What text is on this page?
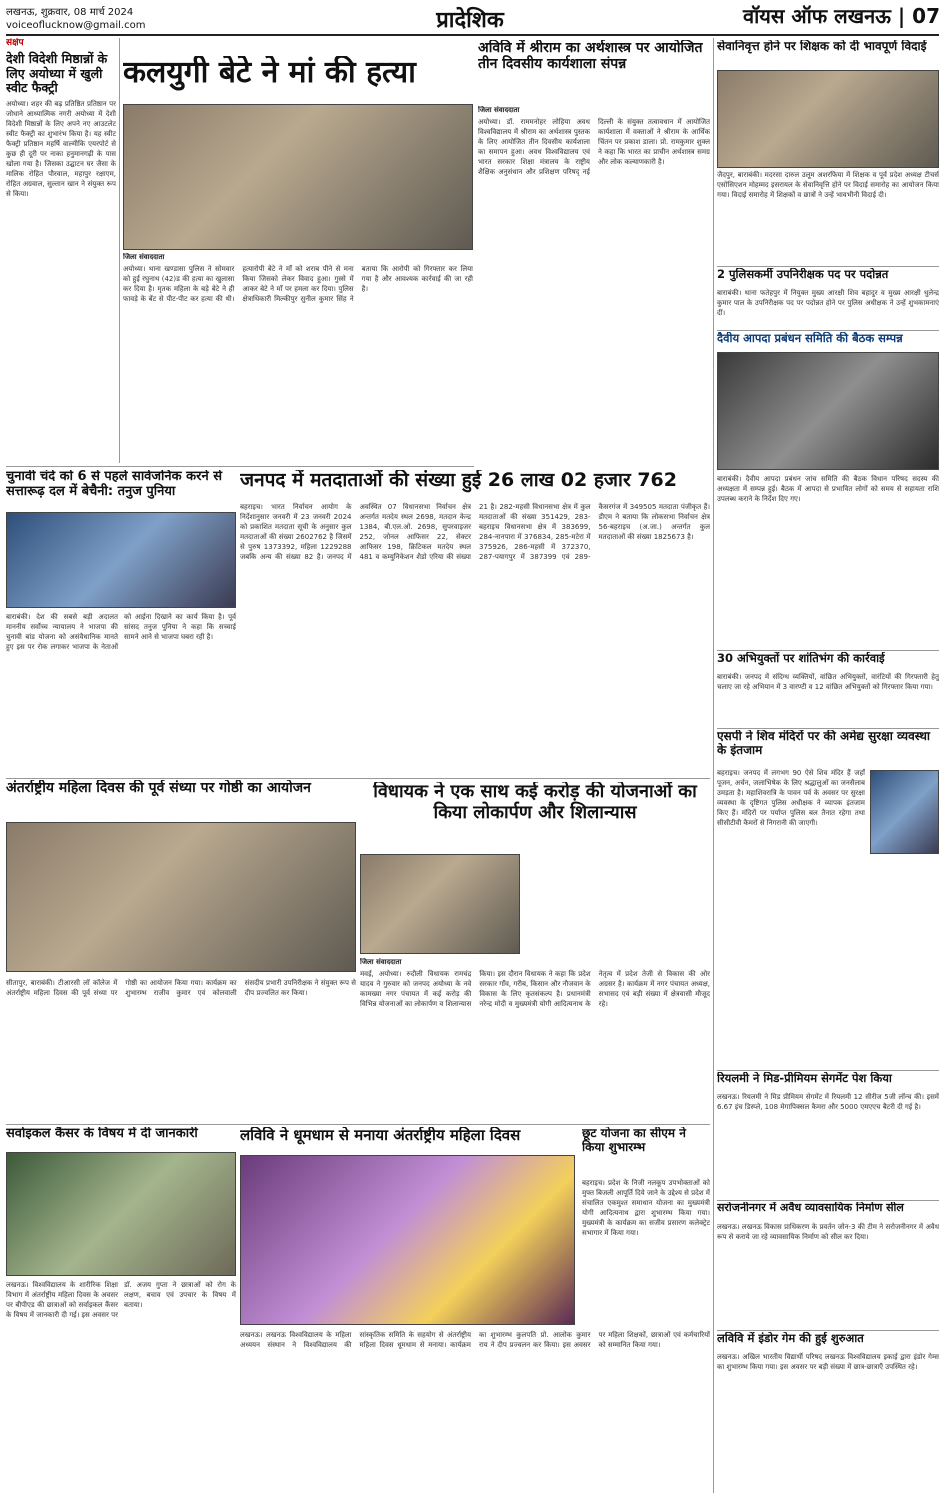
लखनऊ, शुक्रवार, 08 मार्च 2024
voiceoflucknow@gmail.com	प्रादेशिक	वॉयस ऑफ लखनऊ | 07
संक्षेप
देशी विदेशी मिष्ठान्नों के लिए अयोध्या में खुली स्वीट फैक्ट्री
अयोध्या। शहर की बढ़ प्रतिष्ठित प्रतिष्ठान पर जोधाने आध्यात्मिक नगरी अयोध्या में देशी विदेशी मिष्ठान्नों के लिए अपने नए आउटलेट स्वीट फैक्ट्री का शुभारंभ किया है। यह स्वीट फैक्ट्री प्रतिष्ठान महर्षि वाल्मीकि एयरपोर्ट से कुछ ही दूरी पर नाका हनुमानगढ़ी के पास खोला गया है। जिसका उद्घाटन घर जैसा के मालिक रोहित पौरवाल, महापुर रक्षाएम, रोहित अग्रवाल, सुल्तान खान ने संयुक्त रूप से किया।
कलयुगी बेटे ने मां की हत्या
जिला संवाददाता
अयोध्या। थाना खण्डासा पुलिस ने सोमवार को हुई रघुनाथ (42)ड की हत्या का खुलासा कर दिया है। मृतक महिला के बड़े बेटे ने ही फावड़े के बेंट से पीट-पीट कर हत्या की थी। हत्यारोपी बेटे ने माँ को शराब पीने से मना किया जिसको लेकर विवाद हुआ। गुस्से में आकर बेटे ने माँ पर हमला कर दिया। पुलिस क्षेत्राधिकारी मिल्कीपुर सुनील कुमार सिंह ने बताया कि आरोपी को गिरफ्तार कर लिया गया है और आवश्यक कार्रवाई की जा रही है।
अविवि में श्रीराम का अर्थशास्त्र पर आयोजित तीन दिवसीय कार्यशाला संपन्न
जिला संवाददाता
अयोध्या। डॉ. राममनोहर लोहिया अवध विश्वविद्यालय में श्रीराम का अर्थशास्त्र पुस्तक के लिए आयोजित तीन दिवसीय कार्यशाला का समापन हुआ। अवध विश्वविद्यालय एवं भारत सरकार शिक्षा मंत्रालय के राष्ट्रीय शैक्षिक अनुसंधान और प्रशिक्षण परिषद् नई दिल्ली के संयुक्त तत्वावधान में आयोजित कार्यशाला में वक्ताओं ने श्रीराम के आर्थिक चिंतन पर प्रकाश डाला। प्रो. रामकुमार शुक्ल ने कहा कि भारत का प्राचीन अर्थशास्त्र समग्र और लोक कल्याणकारी है।
चुनावी चंदे को 6 से पहले सार्वजनिक करने से सत्तारूढ़ दल में बेचैनी: तनुज पुनिया
बाराबंकी। देश की सबसे बड़ी अदालत माननीय सर्वोच्च न्यायालय ने भाजपा की चुनावी बांड योजना को असंवैधानिक मानते हुए इस पर रोक लगाकर भाजपा के नेताओं को आईना दिखाने का कार्य किया है। पूर्व सांसद तनुज पुनिया ने कहा कि सच्चाई सामने आने से भाजपा घबरा रही है।
जनपद में मतदाताओं की संख्या हुई 26 लाख 02 हजार 762
बहराइच। भारत निर्वाचन आयोग के निर्देशानुसार जनवरी में 23 जनवरी 2024 को प्रकाशित मतदाता सूची के अनुसार कुल मतदाताओं की संख्या 2602762 है जिसमें से पुरुष 1373392, महिला 1229288 जबकि अन्य की संख्या 82 है। जनपद में अवस्थित 07 विधानसभा निर्वाचन क्षेत्र अन्तर्गत मतदेय स्थल 2698, मतदान केन्द्र 1384, बी.एल.ओ. 2698, सुपरवाइजर 252, जोनल आफिसर 22, सेक्टर आफिसर 198, क्रिटिकल मतदेय स्थल 481 व कम्युनिकेशन शैडो एरिया की संख्या 21 है। 282-महसी विधानसभा क्षेत्र में कुल मतदाताओं की संख्या 351429, 283-बहराइच विधानसभा क्षेत्र में 383699, 284-नानपारा में 376834, 285-मटेरा में 375926, 286-महसी में 372370, 287-पयागपुर में 387399 एवं 289-कैसरगंज में 349505 मतदाता पंजीकृत हैं। डीएम ने बताया कि लोकसभा निर्वाचन क्षेत्र 56-बहराइच (अ.जा.) अन्तर्गत कुल मतदाताओं की संख्या 1825673 है।
अंतर्राष्ट्रीय महिला दिवस की पूर्व संध्या पर गोष्ठी का आयोजन
सीतापुर, बाराबंकी। टीआरसी लॉ कॉलेज में अंतर्राष्ट्रीय महिला दिवस की पूर्व संध्या पर गोष्ठी का आयोजन किया गया। कार्यक्रम का शुभारम्भ राजीव कुमार एवं कोलवाली संसदीय प्रभारी उपनिरीक्षक ने संयुक्त रूप से दीप प्रज्वलित कर किया।
विधायक ने एक साथ कई करोड़ की योजनाओं का किया लोकार्पण और शिलान्यास
जिला संवाददाता
मवई, अयोध्या। रुदौली विधायक रामचंद्र यादव ने गुरुवार को जनपद अयोध्या के नवे कामख्या नगर पंचायत में कई करोड़ की विभिन्न योजनाओं का लोकार्पण व शिलान्यास किया। इस दौरान विधायक ने कहा कि प्रदेश सरकार गाँव, गरीब, किसान और नौजवान के विकास के लिए कृतसंकल्प है। प्रधानमंत्री नरेन्द्र मोदी व मुख्यमंत्री योगी आदित्यनाथ के नेतृत्व में प्रदेश तेजी से विकास की ओर अग्रसर है। कार्यक्रम में नगर पंचायत अध्यक्ष, सभासद एवं बड़ी संख्या में क्षेत्रवासी मौजूद रहे।
सर्वाइकल कैंसर के विषय में दी जानकारी
लखनऊ। विश्वविद्यालय के शारीरिक शिक्षा विभाग में अंतर्राष्ट्रीय महिला दिवस के अवसर पर बीपीएड की छात्राओं को सर्वाइकल कैंसर के विषय में जानकारी दी गई। इस अवसर पर डॉ. अजय गुप्ता ने छात्राओं को रोग के लक्षण, बचाव एवं उपचार के विषय में बताया।
लविवि ने धूमधाम से मनाया अंतर्राष्ट्रीय महिला दिवस
लखनऊ। लखनऊ विश्वविद्यालय के महिला अध्ययन संस्थान ने विश्वविद्यालय की सांस्कृतिक समिति के सहयोग से अंतर्राष्ट्रीय महिला दिवस धूमधाम से मनाया। कार्यक्रम का शुभारम्भ कुलपति प्रो. आलोक कुमार राय ने दीप प्रज्वलन कर किया। इस अवसर पर महिला शिक्षकों, छात्राओं एवं कर्मचारियों को सम्मानित किया गया।
छूट योजना का सीएम ने किया शुभारम्भ
बहराइच। प्रदेश के निजी नलकूप उपभोक्ताओं को मुफ्त बिजली आपूर्ति दिये जाने के उद्देश्य से प्रदेश में संचालित एकमुश्त समाधान योजना का मुख्यमंत्री योगी आदित्यनाथ द्वारा शुभारम्भ किया गया। मुख्यमंत्री के कार्यक्रम का सजीव प्रसारण कलेक्ट्रेट सभागार में किया गया।
सेवानिवृत्त होने पर शिक्षक को दी भावपूर्ण विदाई
जैदपुर, बाराबंकी। मदरसा दारुल उलूम अशरफिया में शिक्षक व पूर्व प्रदेश अध्यक्ष टीचर्स एसोसिएशन मोहम्मद इसरायल के सेवानिवृत्ति होने पर विदाई समारोह का आयोजन किया गया। विदाई समारोह में शिक्षकों व छात्रों ने उन्हें भावभीनी विदाई दी।
2 पुलिसकर्मी उपनिरीक्षक पद पर पदोन्नत
बाराबंकी। थाना फतेहपुर में नियुक्त मुख्य आरक्षी शिव बहादुर व मुख्य आरक्षी धुलेन्द्र कुमार पाल के उपनिरीक्षक पद पर पदोन्नत होने पर पुलिस अधीक्षक ने उन्हें शुभकामनाएं दीं।
दैवीय आपदा प्रबंधन समिति की बैठक सम्पन्न
बाराबंकी। दैवीय आपदा प्रबंधन जांच समिति की बैठक विधान परिषद सदस्य की अध्यक्षता में सम्पन्न हुई। बैठक में आपदा से प्रभावित लोगों को समय से सहायता राशि उपलब्ध कराने के निर्देश दिए गए।
30 अभियुक्तों पर शांतिभंग की कार्रवाई
बाराबंकी। जनपद में संदिग्ध व्यक्तियों, वांछित अभियुक्तों, वारंटियों की गिरफ्तारी हेतु चलाए जा रहे अभियान में 3 वारण्टी व 12 वांछित अभियुक्तों को गिरफ्तार किया गया।
एसपी ने शिव मंदिरों पर की अमेद्य सुरक्षा व्यवस्था के इंतजाम
बहराइच। जनपद में लगभग 90 ऐसे शिव मंदिर हैं जहाँ पूजन, अर्चन, जलाभिषेक के लिए श्रद्धालुओं का जनसैलाब उमड़ता है। महाशिवरात्रि के पावन पर्व के अवसर पर सुरक्षा व्यवस्था के दृष्टिगत पुलिस अधीक्षक ने व्यापक इंतजाम किए हैं। मंदिरों पर पर्याप्त पुलिस बल तैनात रहेगा तथा सीसीटीवी कैमरों से निगरानी की जाएगी।
रियलमी ने मिड-प्रीमियम सेगमेंट पेश किया
लखनऊ। रियलमी ने मिड प्रीमियम सेगमेंट में रियलमी 12 सीरीज 5जी लॉन्च की। इसमें 6.67 इंच डिस्प्ले, 108 मेगापिक्सल कैमरा और 5000 एमएएच बैटरी दी गई है।
सरोजनीनगर में अवैध व्यावसायिक निर्माण सील
लखनऊ। लखनऊ विकास प्राधिकरण के प्रवर्तन जोन-3 की टीम ने सरोजनीनगर में अवैध रूप से कराये जा रहे व्यावसायिक निर्माण को सील कर दिया।
लविवि में इंडोर गेम की हुई शुरुआत
लखनऊ। अखिल भारतीय विद्यार्थी परिषद लखनऊ विश्वविद्यालय इकाई द्वारा इंडोर गेम्स का शुभारम्भ किया गया। इस अवसर पर बड़ी संख्या में छात्र-छात्राएँ उपस्थित रहे।
